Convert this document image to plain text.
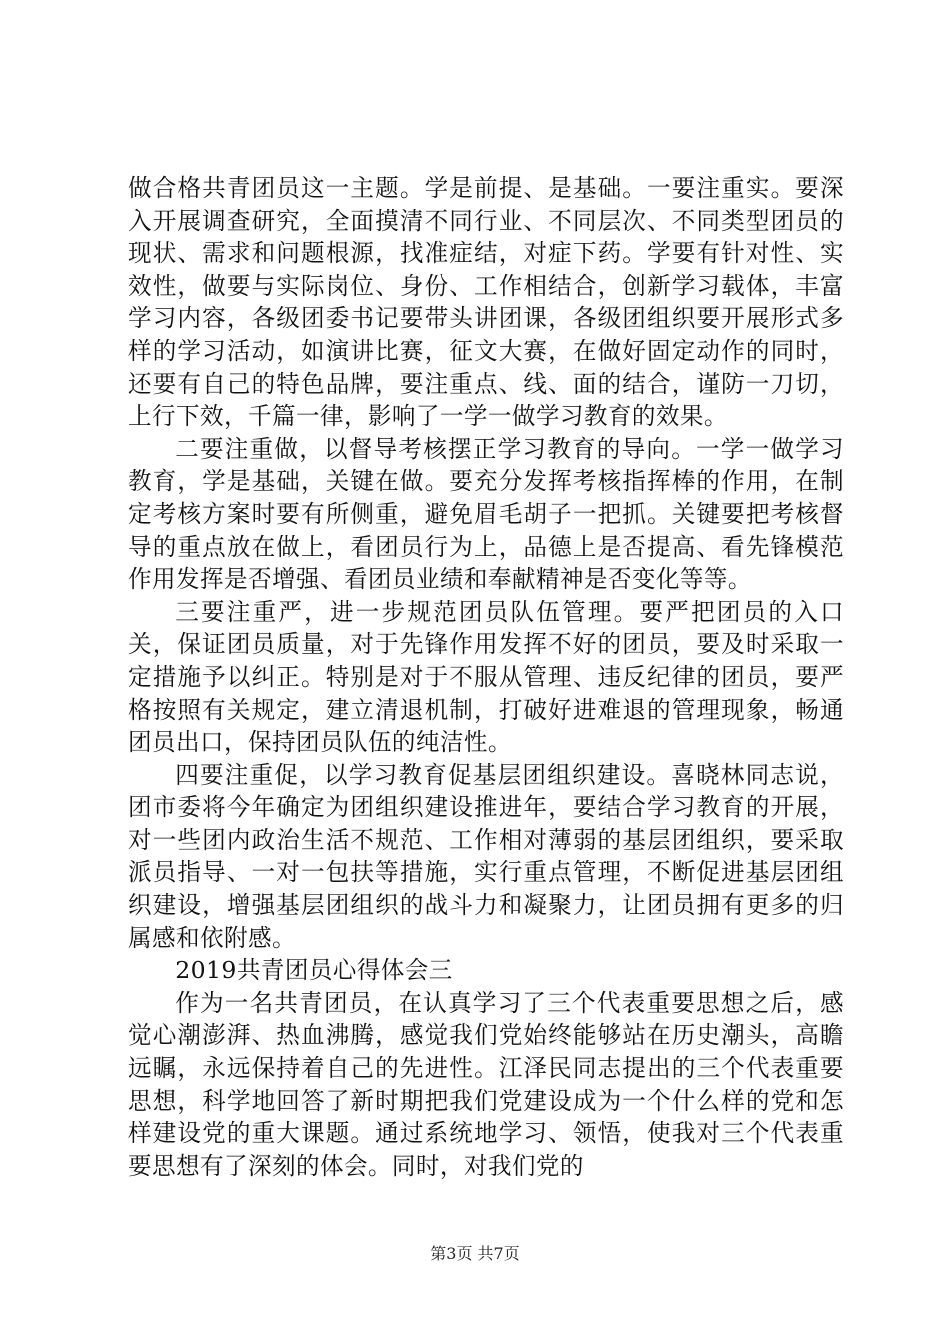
做合格共青团员这一主题。学是前提、是基础。一要注重实。要深入开展调查研究，全面摸清不同行业、不同层次、不同类型团员的现状、需求和问题根源，找准症结，对症下药。学要有针对性、实效性，做要与实际岗位、身份、工作相结合，创新学习载体，丰富学习内容，各级团委书记要带头讲团课，各级团组织要开展形式多样的学习活动，如演讲比赛，征文大赛，在做好固定动作的同时，还要有自己的特色品牌，要注重点、线、面的结合，谨防一刀切，上行下效，千篇一律，影响了一学一做学习教育的效果。

二要注重做，以督导考核摆正学习教育的导向。一学一做学习教育，学是基础，关键在做。要充分发挥考核指挥棒的作用，在制定考核方案时要有所侧重，避免眉毛胡子一把抓。关键要把考核督导的重点放在做上，看团员行为上，品德上是否提高、看先锋模范作用发挥是否增强、看团员业绩和奉献精神是否变化等等。

三要注重严，进一步规范团员队伍管理。要严把团员的入口关，保证团员质量，对于先锋作用发挥不好的团员，要及时采取一定措施予以纠正。特别是对于不服从管理、违反纪律的团员，要严格按照有关规定，建立清退机制，打破好进难退的管理现象，畅通团员出口，保持团员队伍的纯洁性。

四要注重促，以学习教育促基层团组织建设。喜晓林同志说，团市委将今年确定为团组织建设推进年，要结合学习教育的开展，对一些团内政治生活不规范、工作相对薄弱的基层团组织，要采取派员指导、一对一包扶等措施，实行重点管理，不断促进基层团组织建设，增强基层团组织的战斗力和凝聚力，让团员拥有更多的归属感和依附感。

2019共青团员心得体会三

作为一名共青团员，在认真学习了三个代表重要思想之后，感觉心潮澎湃、热血沸腾，感觉我们党始终能够站在历史潮头，高瞻远瞩，永远保持着自己的先进性。江泽民同志提出的三个代表重要思想，科学地回答了新时期把我们党建设成为一个什么样的党和怎样建设党的重大课题。通过系统地学习、领悟，使我对三个代表重要思想有了深刻的体会。同时，对我们党的

第3页 共7页
